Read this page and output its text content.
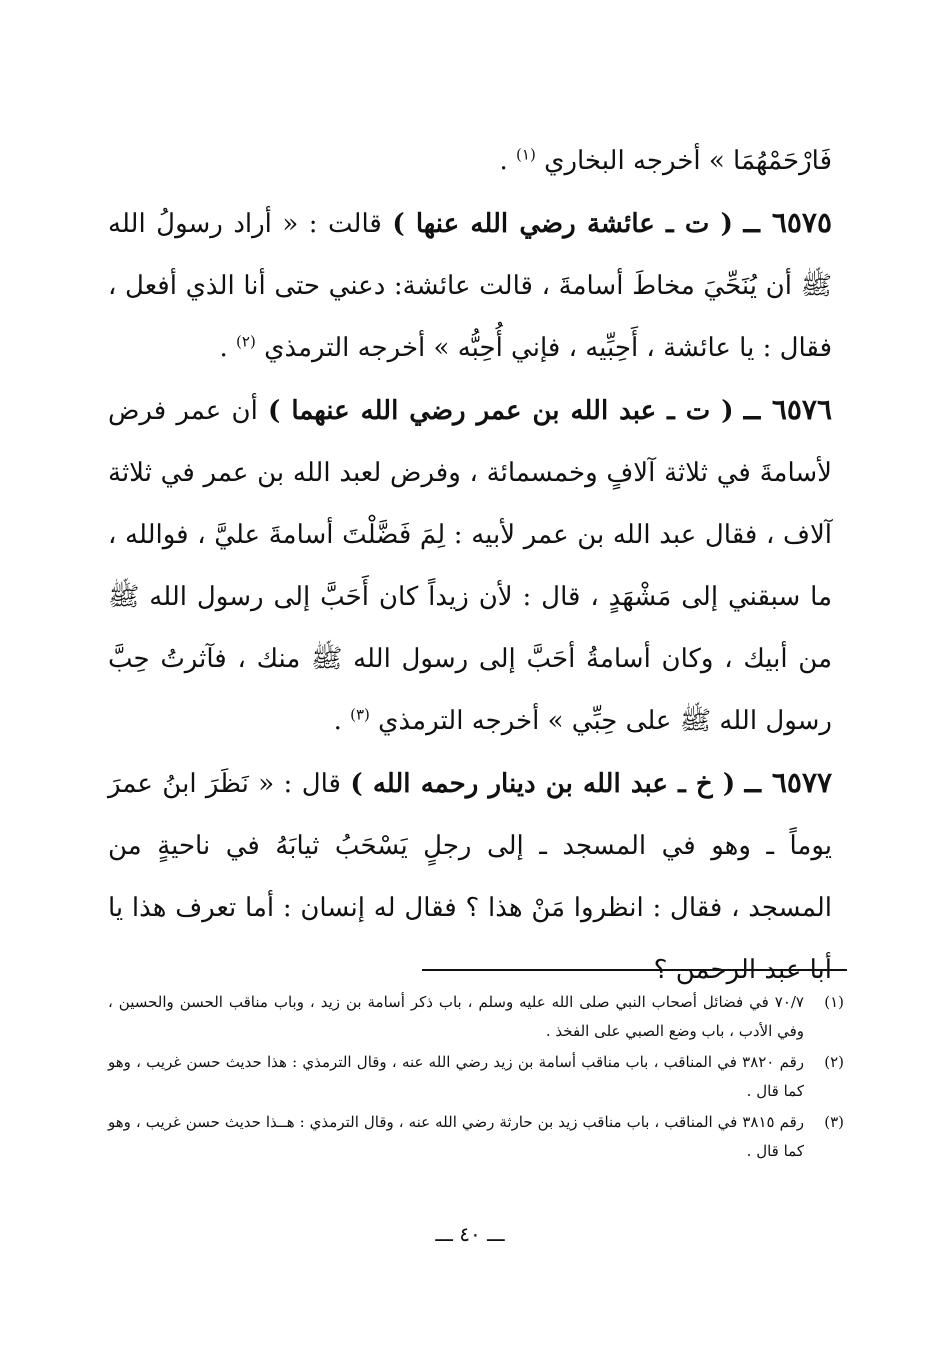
فَارْحَمْهُمَا » أخرجه البخاري $^{(١)}$ .

٦٥٧٥ ــ ( ت ـ عائشة رضي الله عنها ) قالت : « أراد رسولُ الله ﷺ أن يُنَحِّيَ مخاطَ أسامةَ ، قالت عائشة: دعني حتى أنا الذي أفعل ، فقال : يا عائشة ، أَحِبِّيه ، فإني أُحِبُّه » أخرجه الترمذي $^{(٢)}$ .

٦٥٧٦ ــ ( ت ـ عبد الله بن عمر رضي الله عنهما ) أن عمر فرض لأسامةَ في ثلاثة آلافٍ وخمسمائة ، وفرض لعبد الله بن عمر في ثلاثة آلاف ، فقال عبد الله بن عمر لأبيه : لِمَ فَضَّلْتَ أسامةَ عليَّ ، فوالله ، ما سبقني إلى مَشْهَدٍ ، قال : لأن زيداً كان أَحَبَّ إلى رسول الله ﷺ من أبيك ، وكان أسامةُ أحَبَّ إلى رسول الله ﷺ منك ، فآثرتُ حِبَّ رسول الله ﷺ على حِبِّي » أخرجه الترمذي $^{(٣)}$ .

٦٥٧٧ ــ ( خ ـ عبد الله بن دينار رحمه الله ) قال : « نَظَرَ ابنُ عمرَ يوماً ـ وهو في المسجد ـ إلى رجلٍ يَسْحَبُ ثيابَهُ في ناحيةٍ من المسجد ، فقال : انظروا مَنْ هذا ؟ فقال له إنسان : أما تعرف هذا يا أبا عبد الرحمن ؟

(١)
٧٠/٧ في فضائل أصحاب النبي صلى الله عليه وسلم ، باب ذكر أسامة بن زيد ، وباب مناقب الحسن والحسين ، وفي الأدب ، باب وضع الصبي على الفخذ .

(٢)
رقم ٣٨٢٠ في المناقب ، باب مناقب أسامة بن زيد رضي الله عنه ، وقال الترمذي : هذا حديث حسن غريب ، وهو كما قال .

(٣)
رقم ٣٨١٥ في المناقب ، باب مناقب زيد بن حارثة رضي الله عنه ، وقال الترمذي : هــذا حديث حسن غريب ، وهو كما قال .

ـــ ٤٠ ـــ
